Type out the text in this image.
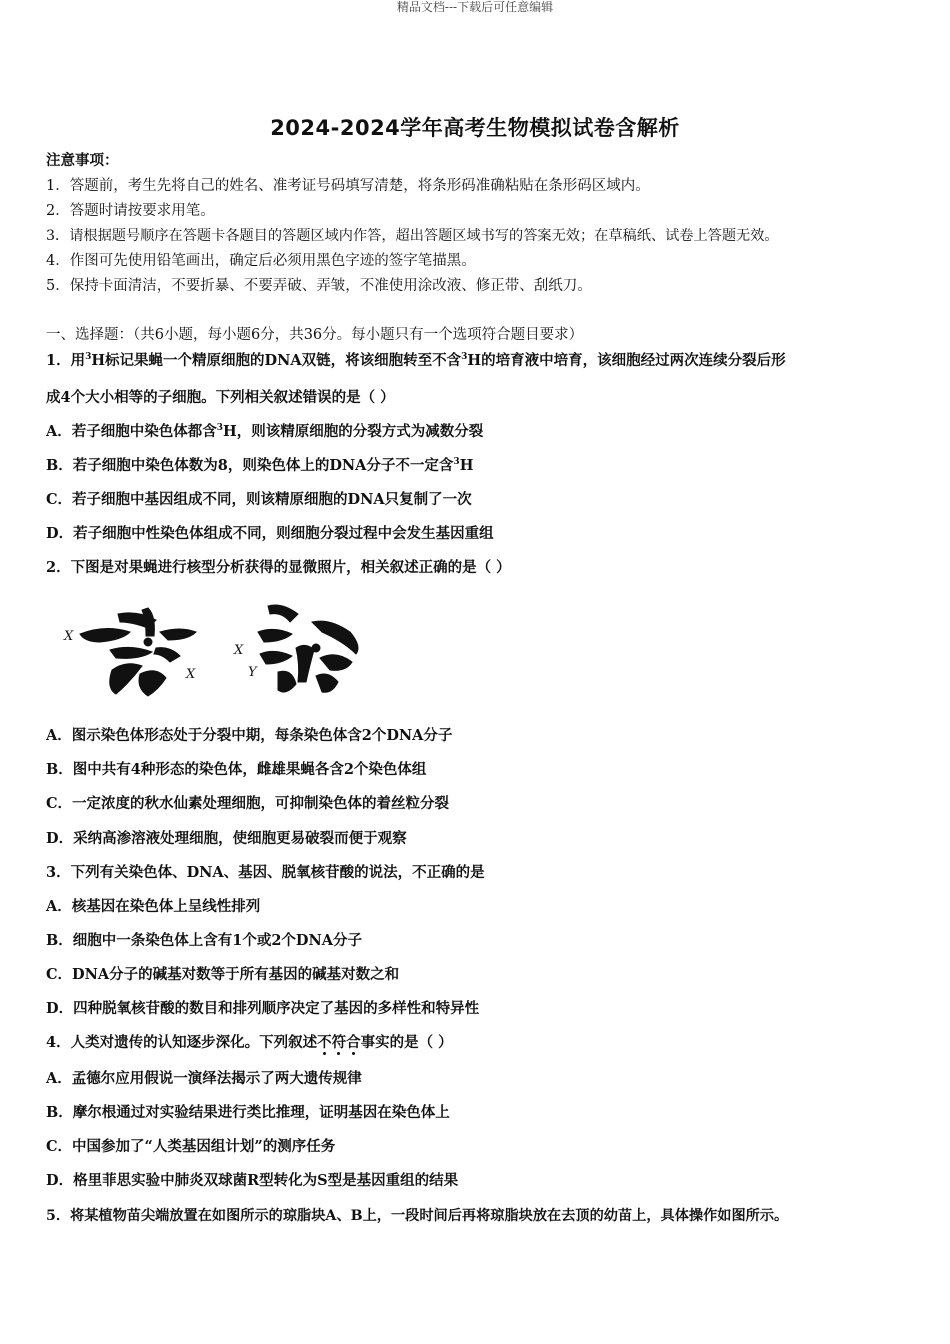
精品文档---下载后可任意编辑
2024-2024学年高考生物模拟试卷含解析
注意事项：
1．答题前，考生先将自己的姓名、准考证号码填写清楚，将条形码准确粘贴在条形码区域内。
2．答题时请按要求用笔。
3．请根据题号顺序在答题卡各题目的答题区域内作答，超出答题区域书写的答案无效；在草稿纸、试卷上答题无效。
4．作图可先使用铅笔画出，确定后必须用黑色字迹的签字笔描黑。
5．保持卡面清洁，不要折暴、不要弄破、弄皱，不准使用涂改液、修正带、刮纸刀。
一、选择题：（共6小题，每小题6分，共36分。每小题只有一个选项符合题目要求）
1．用$^3$H标记果蝇一个精原细胞的DNA双链，将该细胞转至不含$^3$H的培育液中培育，该细胞经过两次连续分裂后形
成4个大小相等的子细胞。下列相关叙述错误的是（ ）
A．若子细胞中染色体都含$^3$H，则该精原细胞的分裂方式为减数分裂
B．若子细胞中染色体数为8，则染色体上的DNA分子不一定含$^3$H
C．若子细胞中基因组成不同，则该精原细胞的DNA只复制了一次
D．若子细胞中性染色体组成不同，则细胞分裂过程中会发生基因重组
2．下图是对果蝇进行核型分析获得的显微照片，相关叙述正确的是（ ）
X
X
X
Y
A．图示染色体形态处于分裂中期，每条染色体含2个DNA分子
B．图中共有4种形态的染色体，雌雄果蝇各含2个染色体组
C．一定浓度的秋水仙素处理细胞，可抑制染色体的着丝粒分裂
D．采纳高渗溶液处理细胞，使细胞更易破裂而便于观察
3．下列有关染色体、DNA、基因、脱氧核苷酸的说法，不正确的是
A．核基因在染色体上呈线性排列
B．细胞中一条染色体上含有1个或2个DNA分子
C．DNA分子的碱基对数等于所有基因的碱基对数之和
D．四种脱氧核苷酸的数目和排列顺序决定了基因的多样性和特异性
4．人类对遗传的认知逐步深化。下列叙述不符合事实的是（ ）
A．孟德尔应用假说一演绎法揭示了两大遗传规律
B．摩尔根通过对实验结果进行类比推理，证明基因在染色体上
C．中国参加了“人类基因组计划”的测序任务
D．格里菲思实验中肺炎双球菌R型转化为S型是基因重组的结果
5．将某植物苗尖端放置在如图所示的琼脂块A、B上，一段时间后再将琼脂块放在去顶的幼苗上，具体操作如图所示。
